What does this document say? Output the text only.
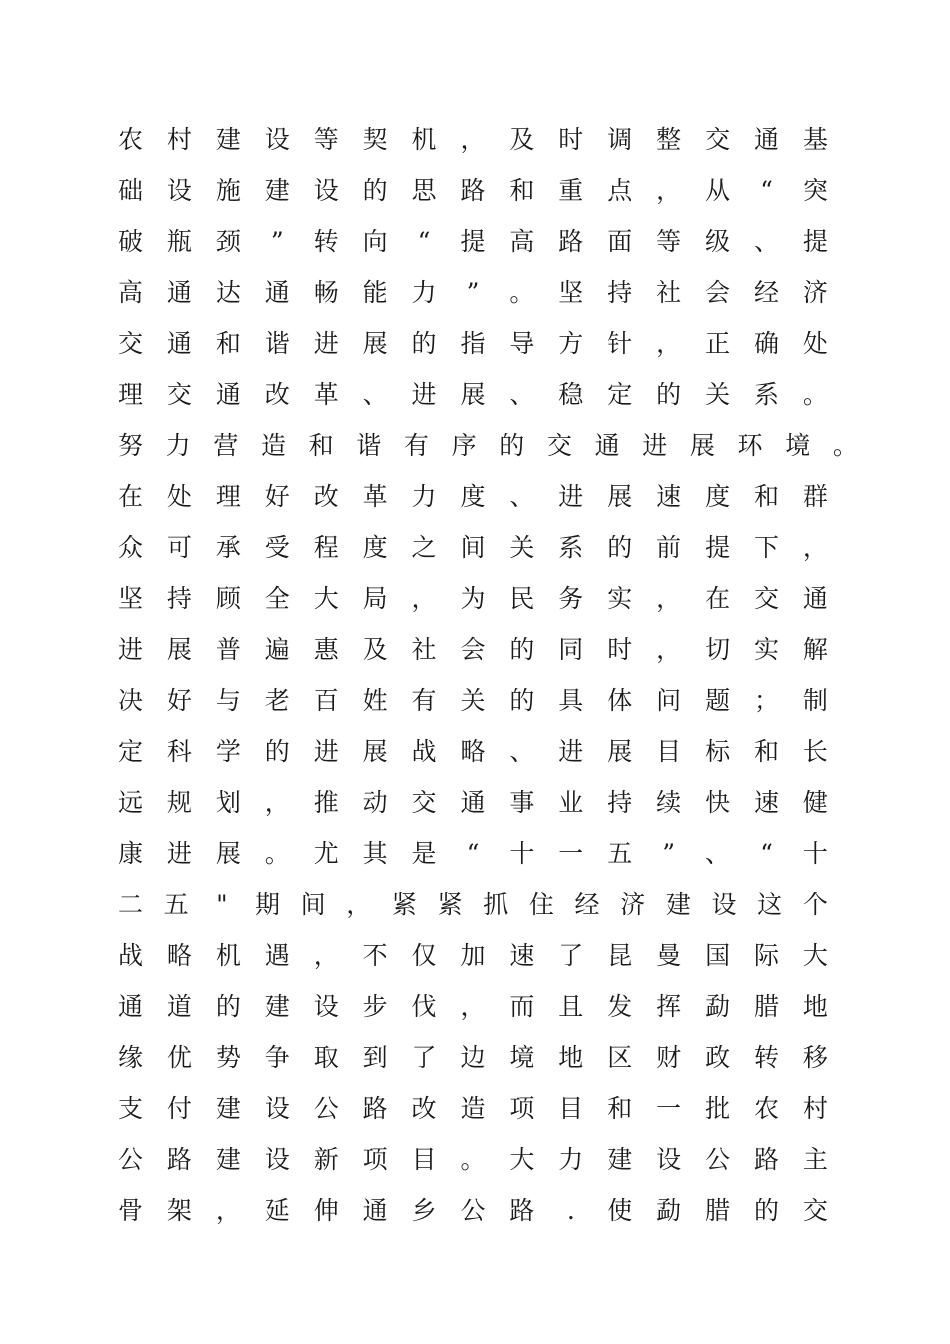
农 村 建 设 等 契 机 ， 及 时 调 整 交 通 基
础 设 施 建 设 的 思 路 和 重 点 ， 从 “ 突
破 瓶 颈 ” 转 向 “ 提 高 路 面 等 级 、 提
高 通 达 通 畅 能 力 ” 。 坚 持 社 会 经 济
交 通 和 谐 进 展 的 指 导 方 针 ， 正 确 处
理 交 通 改 革 、 进 展 、 稳 定 的 关 系 。
努 力 营 造 和 谐 有 序 的 交 通 进 展 环 境 。
在 处 理 好 改 革 力 度 、 进 展 速 度 和 群
众 可 承 受 程 度 之 间 关 系 的 前 提 下 ，
坚 持 顾 全 大 局 ， 为 民 务 实 ， 在 交 通
进 展 普 遍 惠 及 社 会 的 同 时 ， 切 实 解
决 好 与 老 百 姓 有 关 的 具 体 问 题 ； 制
定 科 学 的 进 展 战 略 、 进 展 目 标 和 长
远 规 划 ， 推 动 交 通 事 业 持 续 快 速 健
康 进 展 。 尤 其 是 “ 十 一 五 ” 、 “ 十
二 五 " 期 间 ， 紧 紧 抓 住 经 济 建 设 这 个
战 略 机 遇 ， 不 仅 加 速 了 昆 曼 国 际 大
通 道 的 建 设 步 伐 ， 而 且 发 挥 勐 腊 地
缘 优 势 争 取 到 了 边 境 地 区 财 政 转 移
支 付 建 设 公 路 改 造 项 目 和 一 批 农 村
公 路 建 设 新 项 目 。 大 力 建 设 公 路 主
骨 架 ， 延 伸 通 乡 公 路	.	使 勐 腊 的 交
